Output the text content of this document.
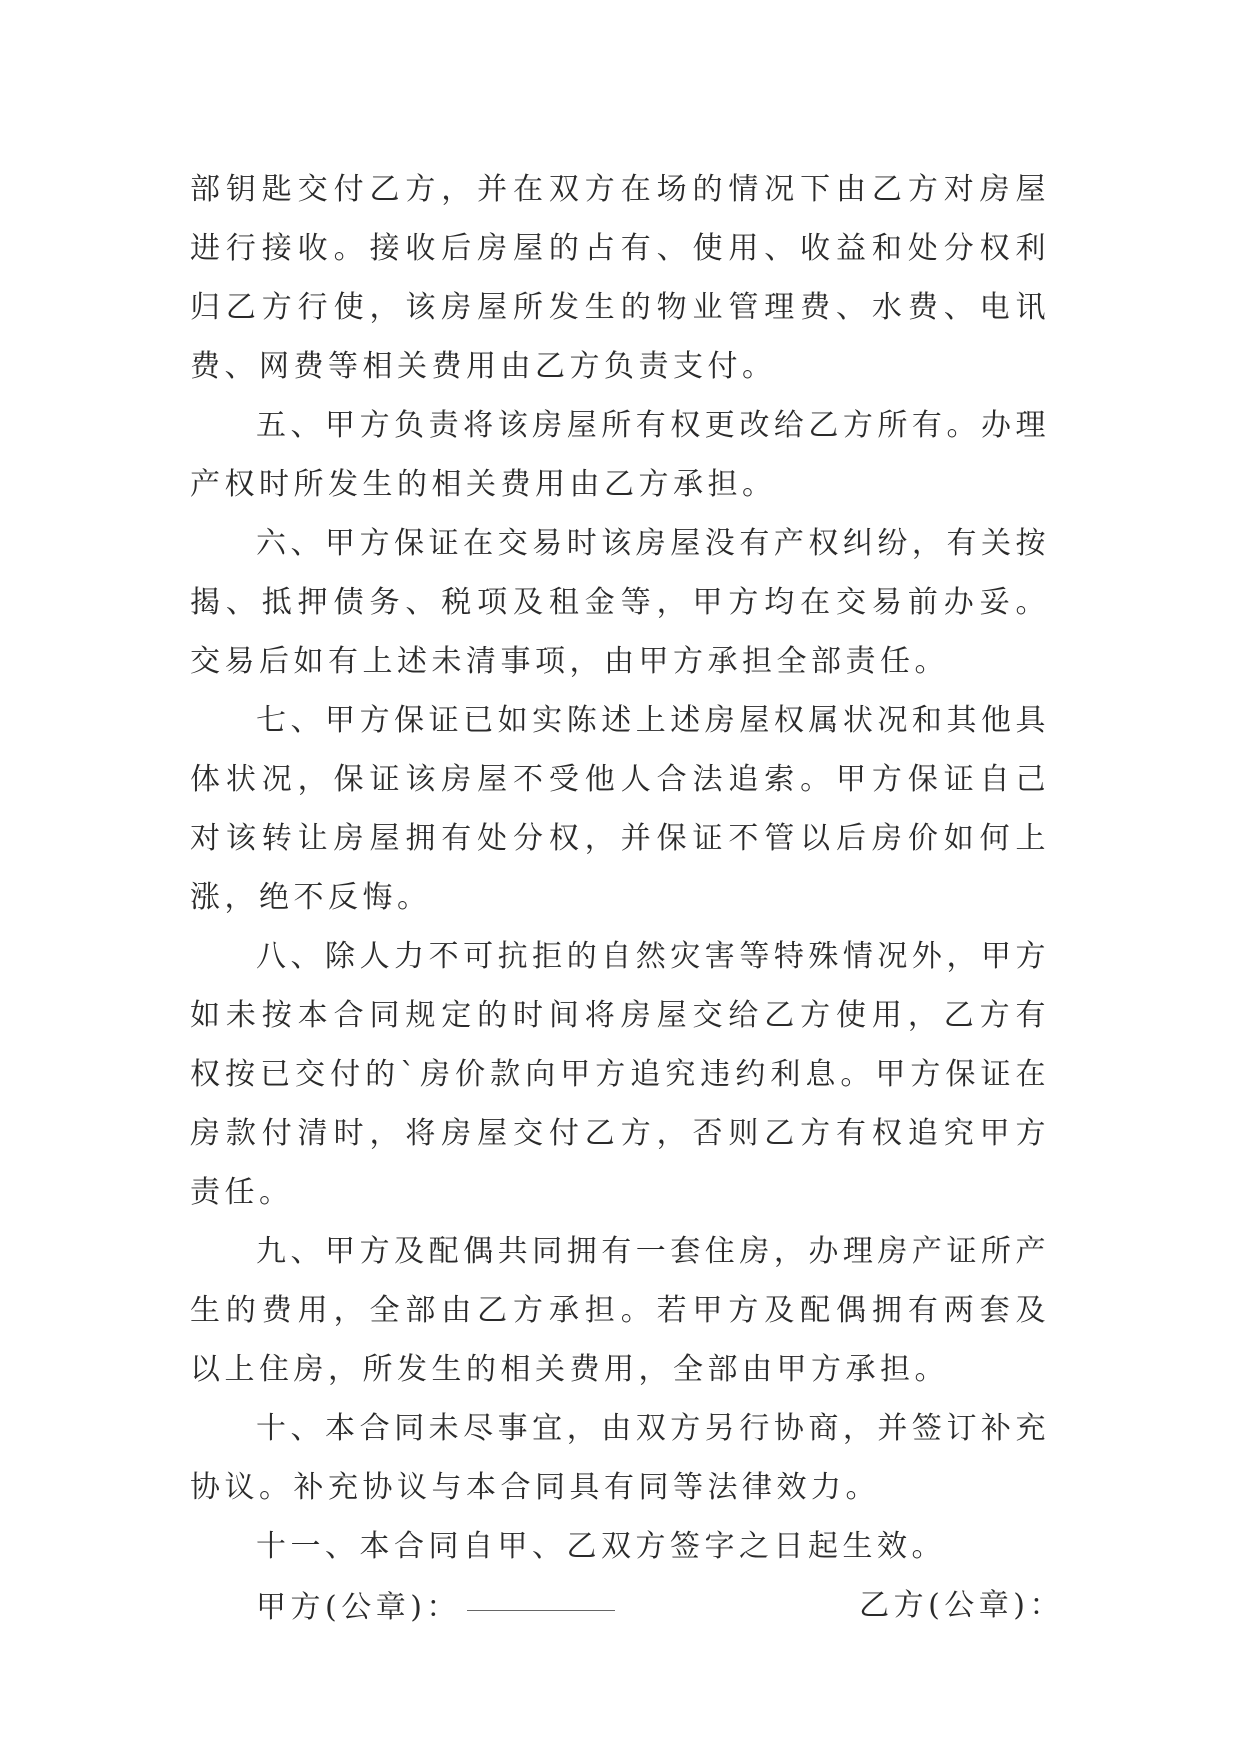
部钥匙交付乙方，并在双方在场的情况下由乙方对房屋进行接收。接收后房屋的占有、使用、收益和处分权利归乙方行使，该房屋所发生的物业管理费、水费、电讯费、网费等相关费用由乙方负责支付。

五、甲方负责将该房屋所有权更改给乙方所有。办理产权时所发生的相关费用由乙方承担。

六、甲方保证在交易时该房屋没有产权纠纷，有关按揭、抵押债务、税项及租金等，甲方均在交易前办妥。交易后如有上述未清事项，由甲方承担全部责任。

七、甲方保证已如实陈述上述房屋权属状况和其他具体状况，保证该房屋不受他人合法追索。甲方保证自己对该转让房屋拥有处分权，并保证不管以后房价如何上涨，绝不反悔。

八、除人力不可抗拒的自然灾害等特殊情况外，甲方如未按本合同规定的时间将房屋交给乙方使用，乙方有权按已交付的`房价款向甲方追究违约利息。甲方保证在房款付清时，将房屋交付乙方，否则乙方有权追究甲方责任。

九、甲方及配偶共同拥有一套住房，办理房产证所产生的费用，全部由乙方承担。若甲方及配偶拥有两套及以上住房，所发生的相关费用，全部由甲方承担。

十、本合同未尽事宜，由双方另行协商，并签订补充协议。补充协议与本合同具有同等法律效力。

十一、本合同自甲、乙双方签字之日起生效。

甲方(公章)：	乙方(公章)：
